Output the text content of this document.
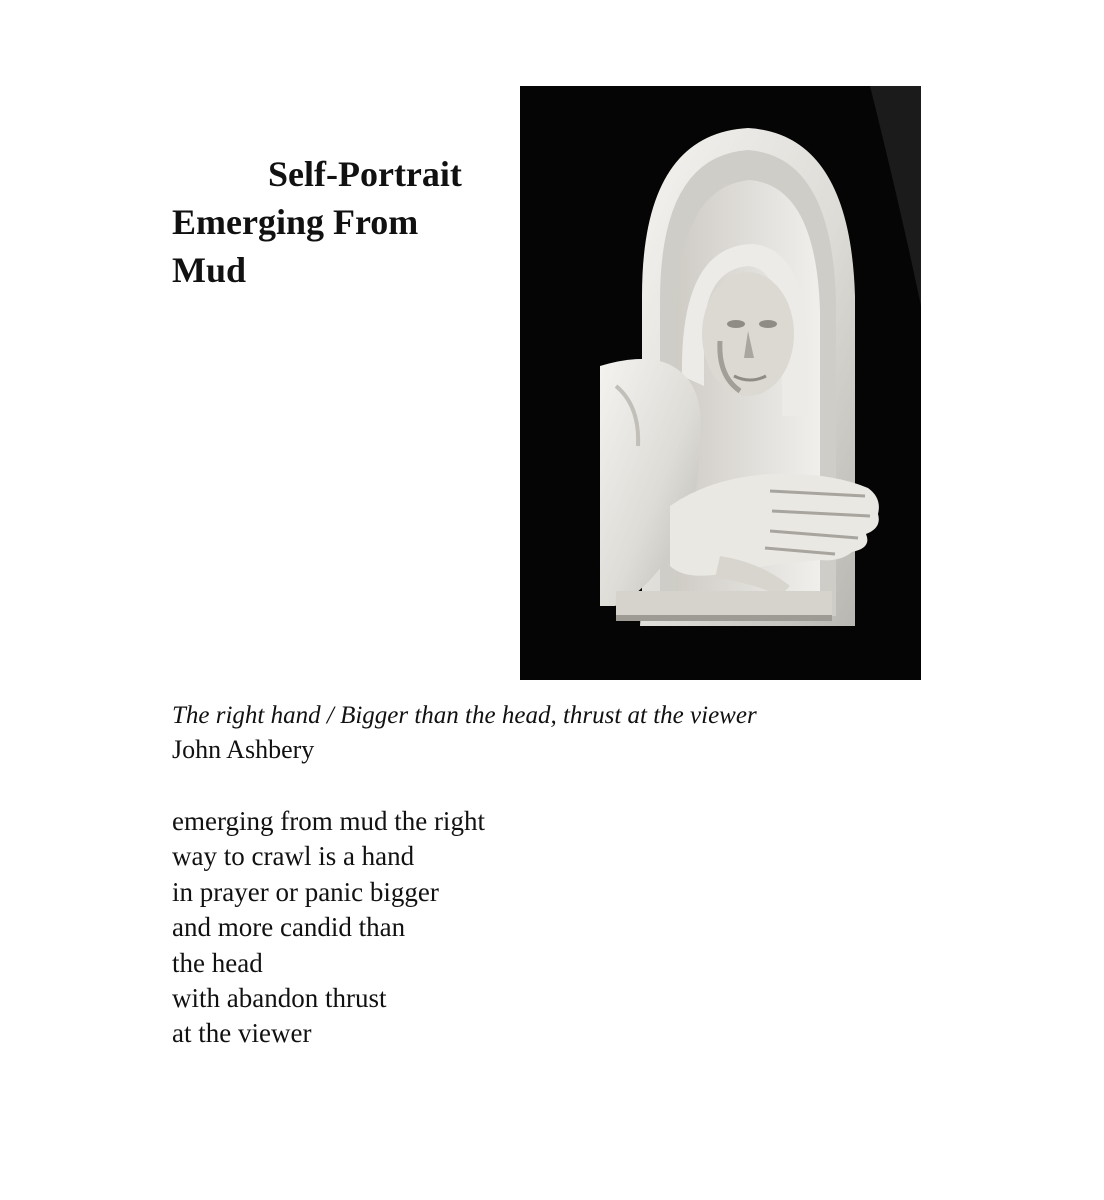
Self-Portrait
Emerging From
Mud
The right hand / Bigger than the head, thrust at the viewer
John Ashbery
emerging from mud the right
way to crawl is a hand
in prayer or panic bigger
and more candid than
the head
with abandon thrust
at the viewer
